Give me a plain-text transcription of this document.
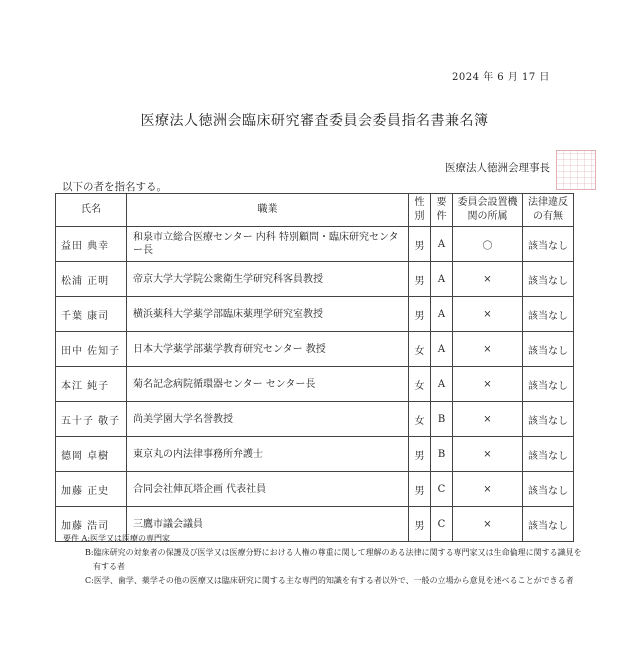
2024 年 6 月 17 日
医療法人徳洲会臨床研究審査委員会委員指名書兼名簿
医療法人徳洲会理事長
以下の者を指名する。
氏名	職業	性別	要件	委員会設置機関の所属	法律違反の有無
益田 典幸	和泉市立総合医療センター 内科 特別顧問・臨床研究センター長	男	A	〇	該当なし
松浦 正明	帝京大学大学院公衆衛生学研究科客員教授	男	A	×	該当なし
千葉 康司	横浜薬科大学薬学部臨床薬理学研究室教授	男	A	×	該当なし
田中 佐知子	日本大学薬学部薬学教育研究センター 教授	女	A	×	該当なし
本江 純子	菊名記念病院循環器センター センター長	女	A	×	該当なし
五十子 敬子	尚美学園大学名誉教授	女	B	×	該当なし
德岡 卓樹	東京丸の内法律事務所弁護士	男	B	×	該当なし
加藤 正史	合同会社俥瓦塔企画 代表社員	男	C	×	該当なし
加藤 浩司	三鷹市議会議員	男	C	×	該当なし
要件 A:医学又は医療の専門家
B:臨床研究の対象者の保護及び医学又は医療分野における人権の尊重に関して理解のある法律に関する専門家又は生命倫理に関する識見を有する者
C:医学、歯学、薬学その他の医療又は臨床研究に関する主な専門的知識を有する者以外で、一般の立場から意見を述べることができる者
